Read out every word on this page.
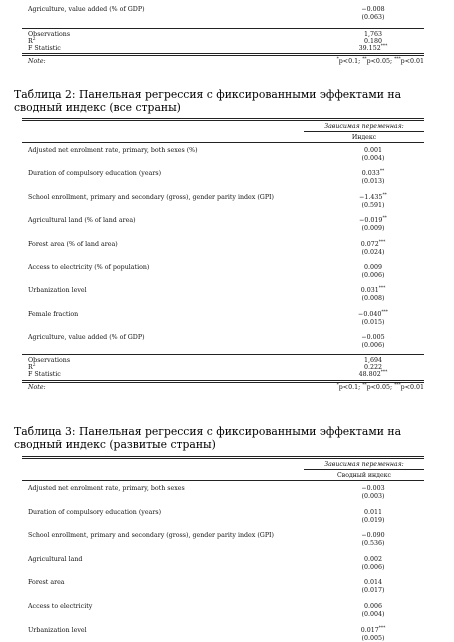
Agriculture, value added (% of GDP)	−0.008
(0.063)
Observations	1,763
$R^2$	0.180
F Statistic	39.152***
Note:	*p<0.1; **p<0.05; ***p<0.01
Таблица 2: Панельная регрессия с фиксированными эффектами на сводный индекс (все страны)
Зависимая переменная:
Индекс
Adjusted net enrolment rate, primary, both sexes (%)	0.001
(0.004)
Duration of compulsory education (years)	0.033**
(0.013)
School enrollment, primary and secondary (gross), gender parity index (GPI)	−1.435**
(0.591)
Agricultural land (% of land area)	−0.019**
(0.009)
Forest area (% of land area)	0.072***
(0.024)
Access to electricity (% of population)	0.009
(0.006)
Urbanization level	0.031***
(0.008)
Female fraction	−0.040***
(0.015)
Agriculture, value added (% of GDP)	−0.005
(0.006)
Observations	1,694
$R^2$	0.222
F Statistic	48.802***
Note:	*p<0.1; **p<0.05; ***p<0.01
Таблица 3: Панельная регрессия с фиксированными эффектами на сводный индекс (развитые страны)
Зависимая переменная:
Сводный индекс
Adjusted net enrolment rate, primary, both sexes	−0.003
(0.003)
Duration of compulsory education (years)	0.011
(0.019)
School enrollment, primary and secondary (gross), gender parity index (GPI)	−0.090
(0.536)
Agricultural land	0.002
(0.006)
Forest area	0.014
(0.017)
Access to electricity	0.006
(0.004)
Urbanization level	0.017***
(0.005)
